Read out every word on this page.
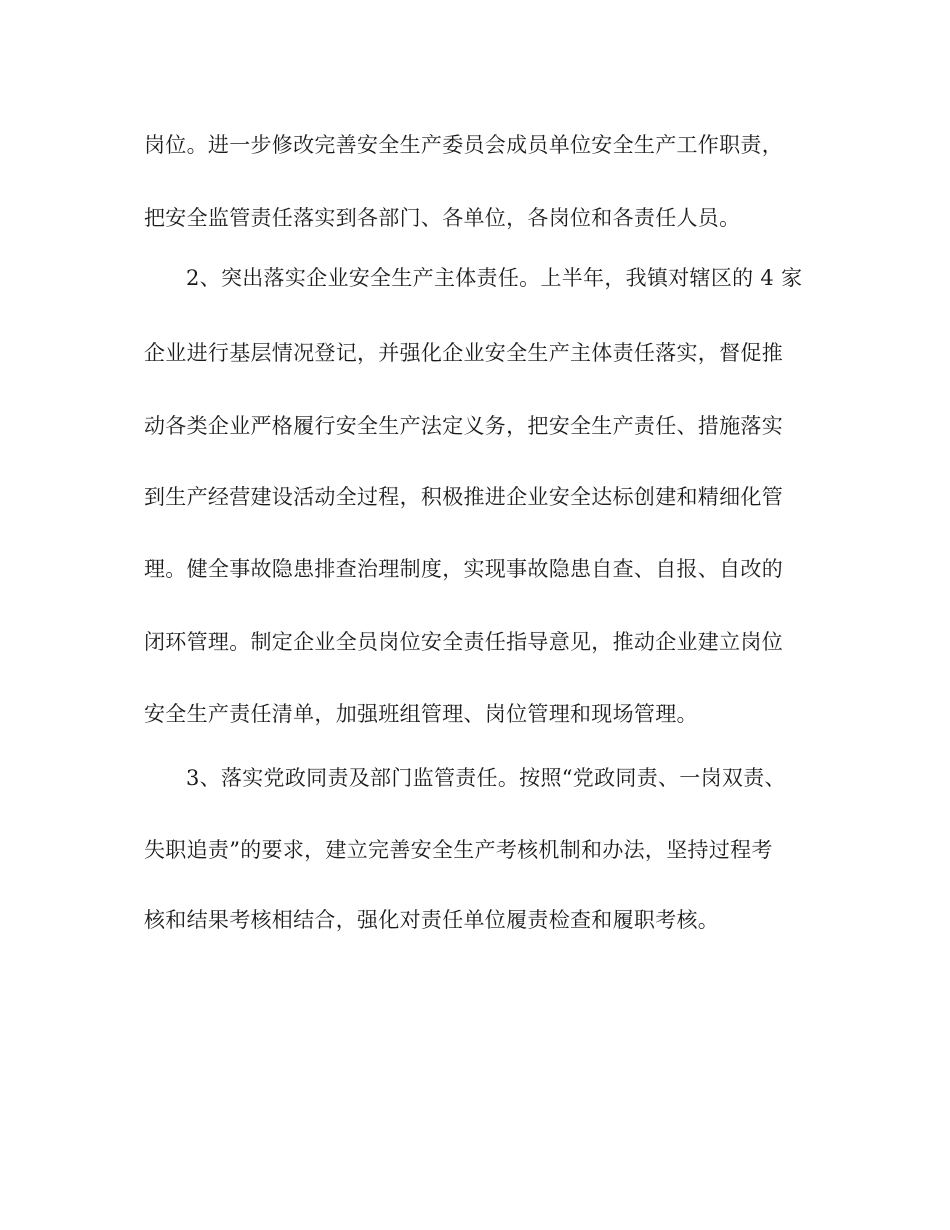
岗位。进一步修改完善安全生产委员会成员单位安全生产工作职责，
把安全监管责任落实到各部门、各单位，各岗位和各责任人员。
2、突出落实企业安全生产主体责任。上半年，我镇对辖区的 4 家
企业进行基层情况登记，并强化企业安全生产主体责任落实，督促推
动各类企业严格履行安全生产法定义务，把安全生产责任、措施落实
到生产经营建设活动全过程，积极推进企业安全达标创建和精细化管
理。健全事故隐患排查治理制度，实现事故隐患自查、自报、自改的
闭环管理。制定企业全员岗位安全责任指导意见，推动企业建立岗位
安全生产责任清单，加强班组管理、岗位管理和现场管理。
3、落实党政同责及部门监管责任。按照“党政同责、一岗双责、
失职追责”的要求，建立完善安全生产考核机制和办法，坚持过程考
核和结果考核相结合，强化对责任单位履责检查和履职考核。
